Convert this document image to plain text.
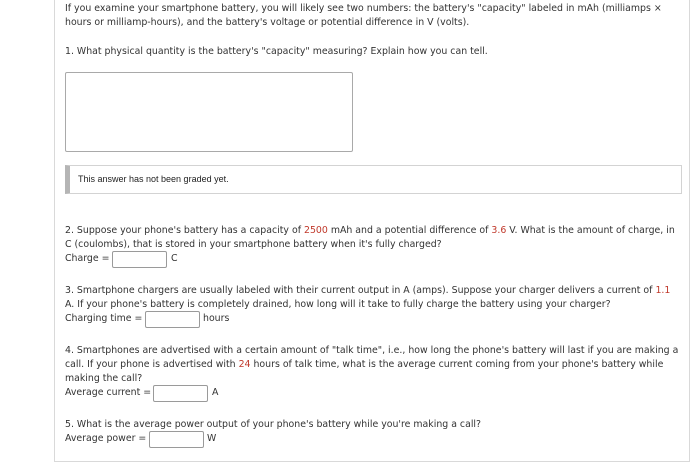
If you examine your smartphone battery, you will likely see two numbers: the battery's "capacity" labeled in mAh (milliamps ×
hours or milliamp-hours), and the battery's voltage or potential difference in V (volts).
1. What physical quantity is the battery's "capacity" measuring? Explain how you can tell.
This answer has not been graded yet.
2. Suppose your phone's battery has a capacity of 2500 mAh and a potential difference of 3.6 V. What is the amount of charge, in
C (coulombs), that is stored in your smartphone battery when it's fully charged?
Charge =	C
3. Smartphone chargers are usually labeled with their current output in A (amps). Suppose your charger delivers a current of 1.1
A. If your phone's battery is completely drained, how long will it take to fully charge the battery using your charger?
Charging time =	hours
4. Smartphones are advertised with a certain amount of "talk time", i.e., how long the phone's battery will last if you are making a
call. If your phone is advertised with 24 hours of talk time, what is the average current coming from your phone's battery while
making the call?
Average current =	A
5. What is the average power output of your phone's battery while you're making a call?
Average power =	W
